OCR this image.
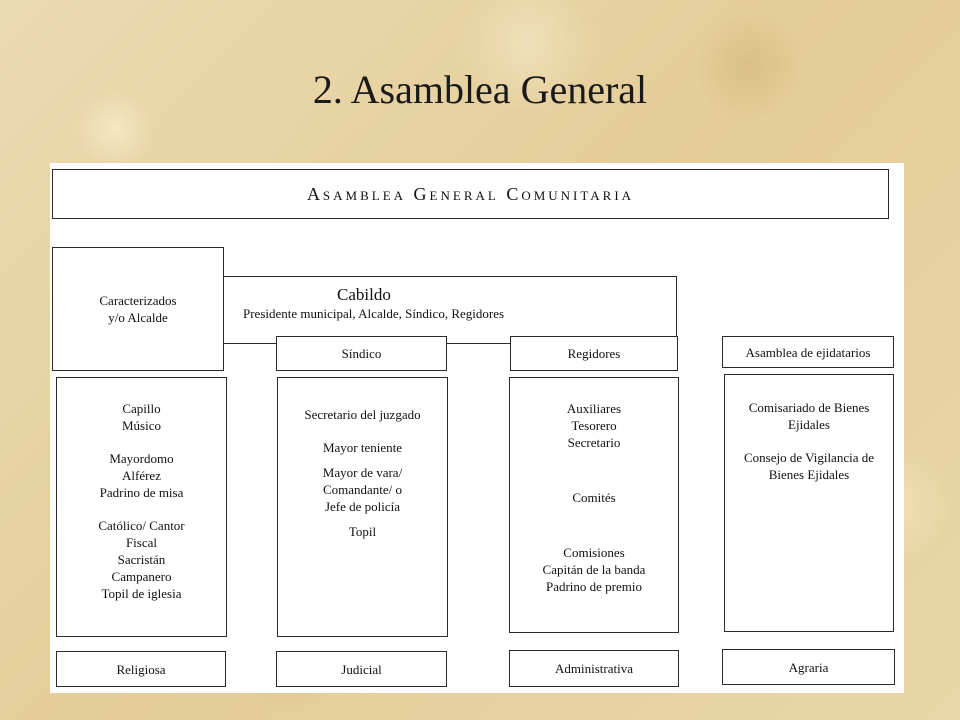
2. Asamblea General
Asamblea General Comunitaria
Cabildo
Presidente municipal, Alcalde, Síndico, Regidores
Caracterizados
y/o Alcalde
Síndico	Regidores	Asamblea de ejidatarios
Capillo
Músico
Mayordomo
Alférez
Padrino de misa
Católico/ Cantor
Fiscal
Sacristán
Campanero
Topil de iglesia
Secretario del juzgado
Mayor teniente
Mayor de vara/
Comandante/ o
Jefe de policía
Topil
Auxiliares
Tesorero
Secretario
Comités
Comisiones
Capitán de la banda
Padrino de premio
Comisariado de Bienes
Ejidales
Consejo de Vigilancia de
Bienes Ejidales
Religiosa	Judicial	Administrativa	Agraria
